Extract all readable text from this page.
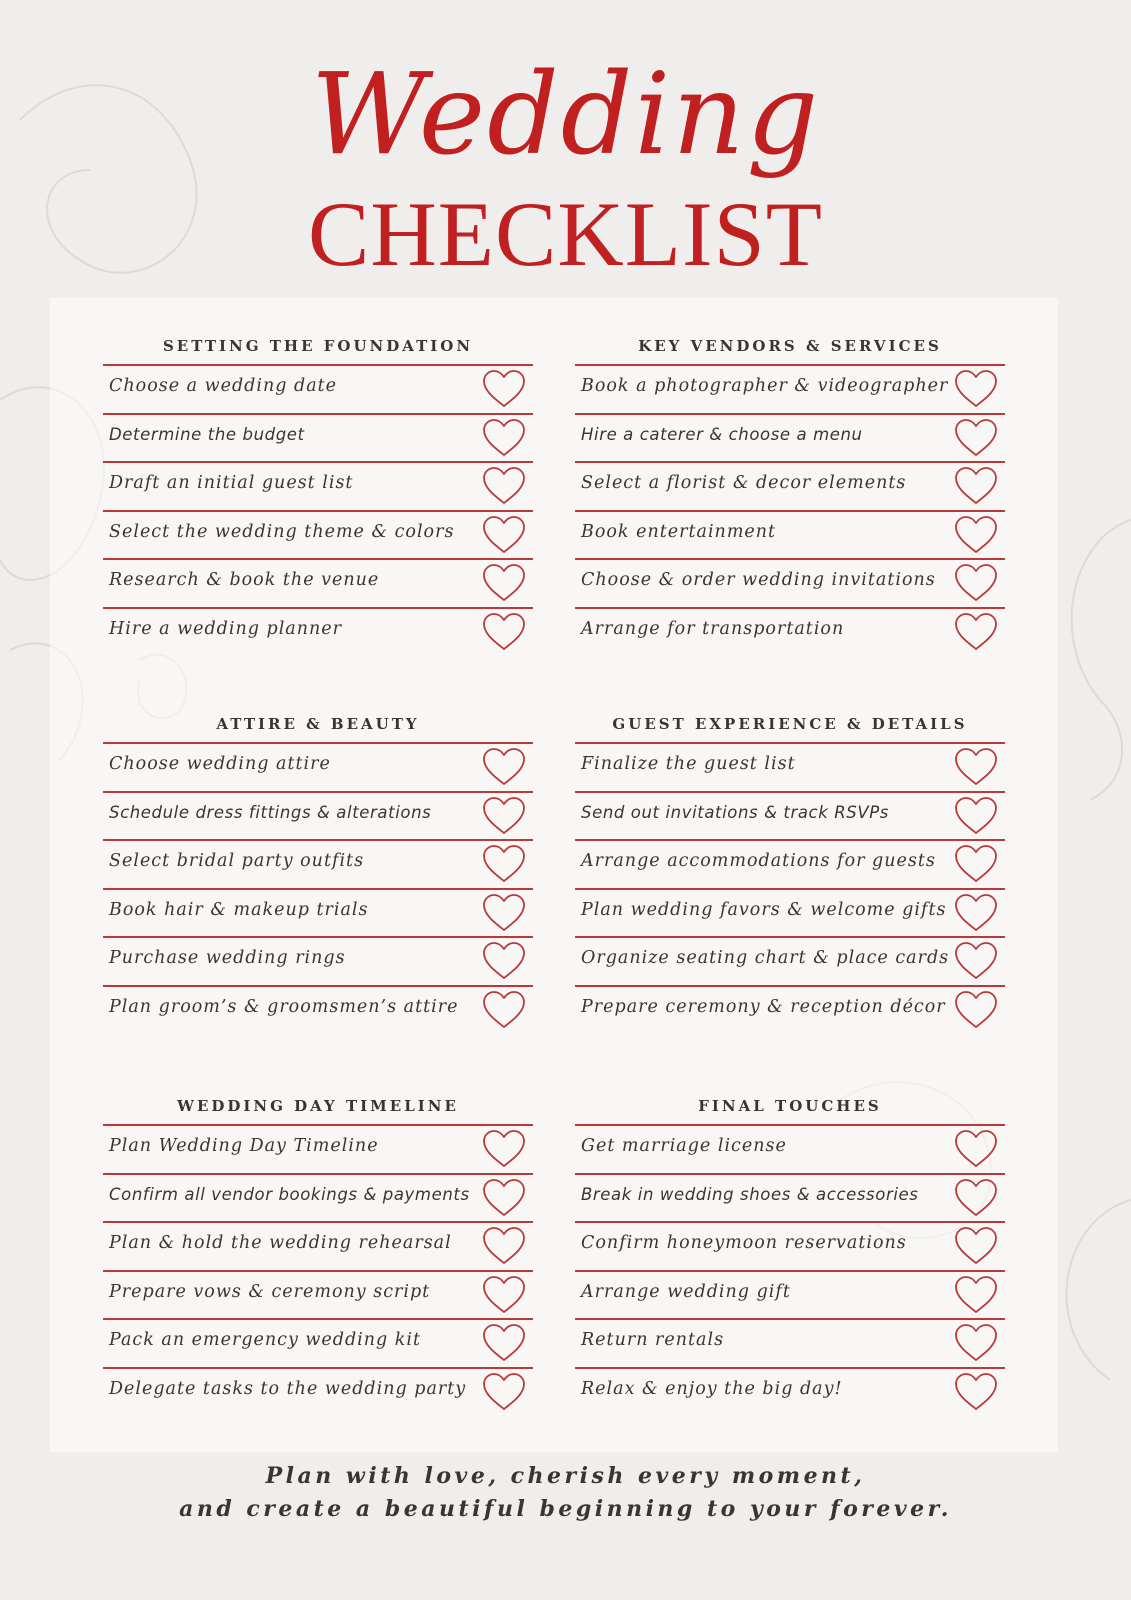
Wedding
CHECKLIST
SETTING THE FOUNDATION
Choose a wedding date
Determine the budget
Draft an initial guest list
Select the wedding theme & colors
Research & book the venue
Hire a wedding planner
KEY VENDORS & SERVICES
Book a photographer & videographer
Hire a caterer & choose a menu
Select a florist & decor elements
Book entertainment
Choose & order wedding invitations
Arrange for transportation
ATTIRE & BEAUTY
Choose wedding attire
Schedule dress fittings & alterations
Select bridal party outfits
Book hair & makeup trials
Purchase wedding rings
Plan groom’s & groomsmen’s attire
GUEST EXPERIENCE & DETAILS
Finalize the guest list
Send out invitations & track RSVPs
Arrange accommodations for guests
Plan wedding favors & welcome gifts
Organize seating chart & place cards
Prepare ceremony & reception décor
WEDDING DAY TIMELINE
Plan Wedding Day Timeline
Confirm all vendor bookings & payments
Plan & hold the wedding rehearsal
Prepare vows & ceremony script
Pack an emergency wedding kit
Delegate tasks to the wedding party
FINAL TOUCHES
Get marriage license
Break in wedding shoes & accessories
Confirm honeymoon reservations
Arrange wedding gift
Return rentals
Relax & enjoy the big day!
Plan with love, cherish every moment,
and create a beautiful beginning to your forever.
